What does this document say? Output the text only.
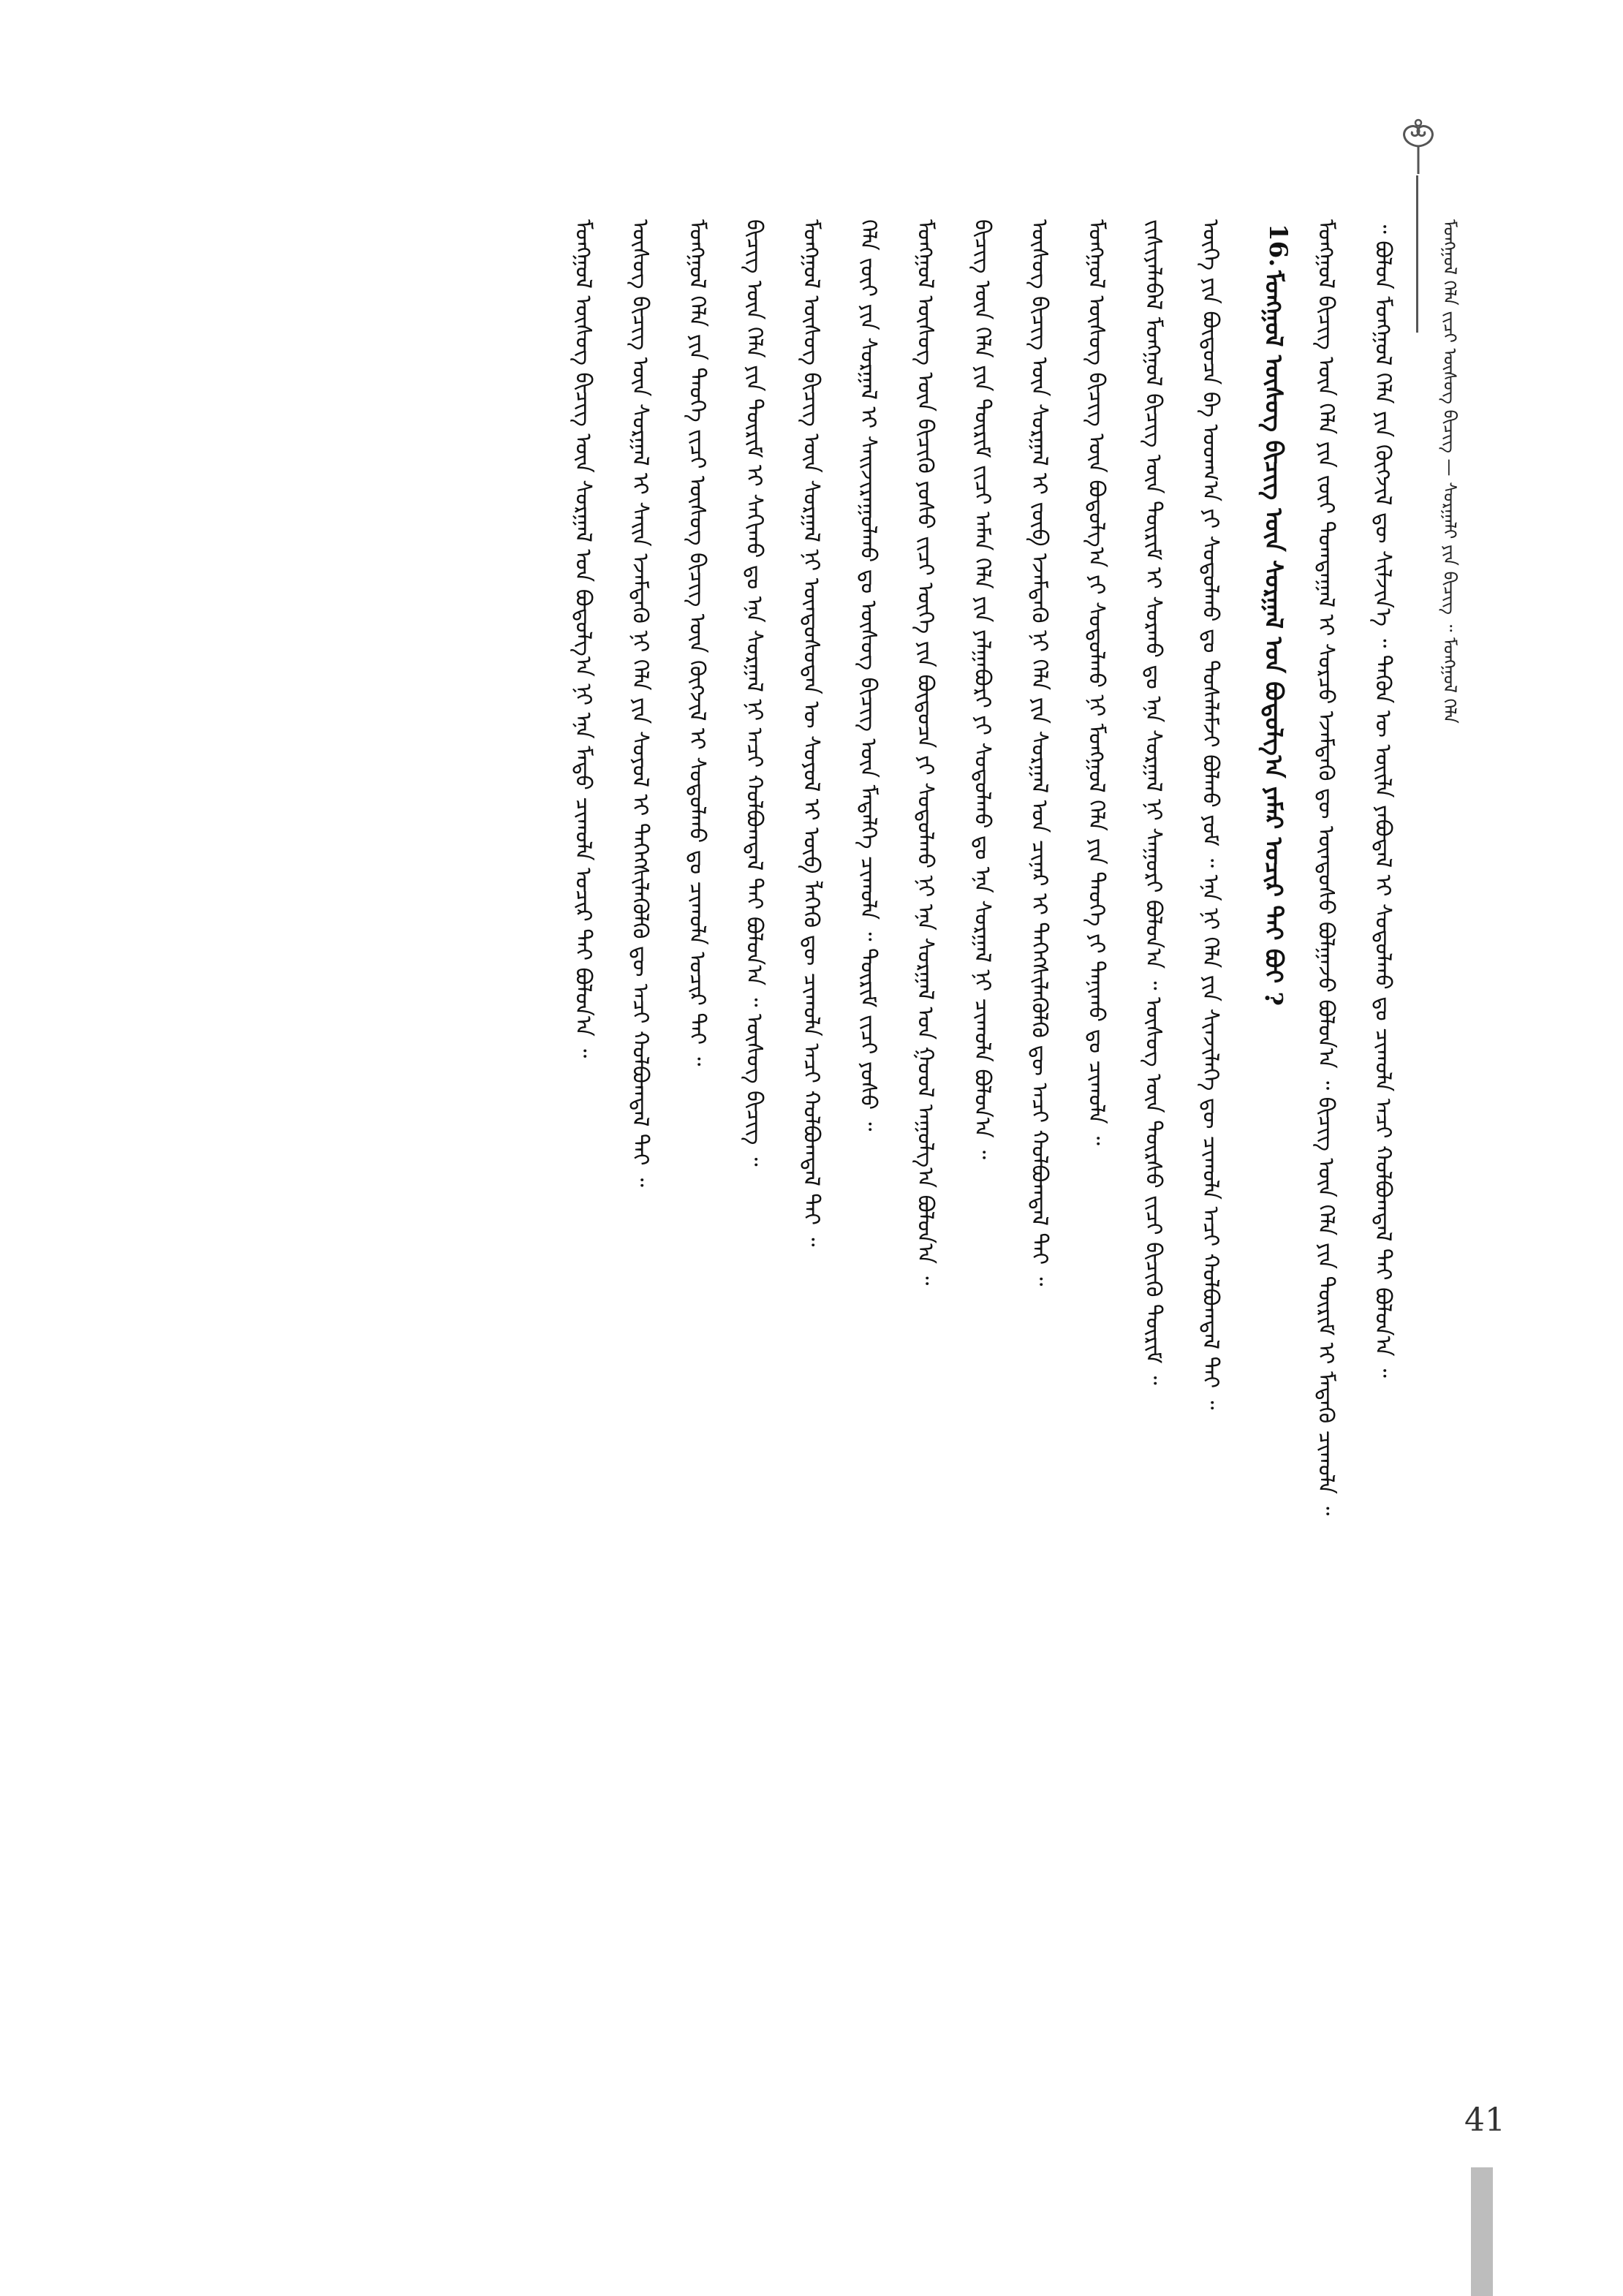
ᠮᠣᠩᠭᠣᠯ ᠬᠡᠯᠡ ᠵᠢᠴᠢ ᠦᠰᠦᠭ ᠪᠢᠴᠢᠭ — ᠰᠤᠷᠭᠠᠯᠢ ᠶᠢᠨ ᠪᠢᠴᠢᠭ᠌ ᠃ ᠮᠣᠩᠭᠣᠯ ᠬᠡᠯᠡ
16.
ᠮᠣᠩᠭᠣᠯ ᠦᠰᠦᠭ ᠪᠢᠴᠢᠭ ᠦᠨ ᠰᠤᠷᠭᠠᠯ ᠤᠨ ᠪᠣᠳᠣᠯᠭ᠎ᠠ ᠶᠠᠮᠠᠷ ᠤᠴᠢᠷ ᠲᠠᠢ ᠪᠤᠢ ?	᠃ ᠪᠣᠯᠤᠨ ᠮᠣᠩᠭᠣᠯ ᠬᠡᠯᠡ ᠶᠢᠨ ᠬᠥᠭᠵᠢᠯ ᠳᠦ ᠰᠢᠯᠵᠢᠨ᠎ᠡ ᠃ ᠲᠡᠭᠦᠨ ᠦ ᠦᠢᠯᠡ ᠶᠠᠪᠤᠳᠠᠯ ᠢ ᠰᠤᠳᠤᠯᠬᠤ ᠳᠤ ᠴᠢᠬᠤᠯᠠ ᠠᠴᠢ ᠬᠣᠯᠪᠣᠭᠳᠠᠯ ᠲᠠᠢ ᠪᠣᠯᠤᠨ᠎ᠠ ᠃
ᠮᠣᠩᠭᠣᠯ ᠪᠢᠴᠢᠭ ᠦᠨ ᠬᠡᠯᠡ ᠶᠢᠨ ᠵᠦᠢ ᠲᠣᠭᠲᠠᠭᠠᠯ ᠢ ᠰᠤᠷᠴᠤ ᠡᠵᠡᠮᠳᠡᠬᠦ ᠳᠦ ᠦᠨᠳᠦᠰᠦ ᠪᠣᠯᠭᠠᠵᠤ ᠪᠣᠯᠤᠨ᠎ᠠ ᠃ ᠪᠢᠴᠢᠭ ᠦᠨ ᠬᠡᠯᠡ ᠶᠢᠨ ᠳᠦᠷᠢᠮ ᠢ ᠮᠡᠳᠡᠬᠦ ᠴᠢᠬᠤᠯᠠ ᠃
ᠦᠭᠡ ᠶᠢᠨ ᠪᠦᠲᠦᠴᠡ ᠪᠠ ᠤᠳᠬ᠎ᠠ ᠶᠢ ᠰᠤᠳᠤᠯᠬᠤ ᠳᠤ ᠲᠤᠰᠠᠯᠠᠮᠵᠢ ᠪᠣᠯᠬᠤ ᠶᠤᠮ ᠃ ᠡᠨᠡ ᠨᠢ ᠬᠡᠯᠡ ᠶᠢᠨ ᠰᠢᠨᠵᠢᠯᠡᠭᠡ ᠳᠦ ᠴᠢᠬᠤᠯᠠ ᠠᠴᠢ ᠬᠣᠯᠪᠣᠭᠳᠠᠯ ᠲᠠᠢ ᠃
ᠵᠢᠱᠢᠶᠡᠯᠡᠪᠡᠯ ᠮᠣᠩᠭᠣᠯ ᠪᠢᠴᠢᠭ ᠦᠨ ᠳᠦᠷᠢᠮ ᠢ ᠰᠤᠷᠬᠤ ᠳᠤ ᠡᠨᠡ ᠰᠤᠷᠭᠠᠯ ᠨᠢ ᠰᠠᠭᠤᠷᠢ ᠪᠣᠯᠤᠨ᠎ᠠ ᠃ ᠦᠰᠦᠭ ᠦᠨ ᠳᠦᠷᠰᠦ ᠵᠢᠴᠢ ᠪᠢᠴᠢᠬᠦ ᠳᠦᠷᠢᠮ ᠃
ᠮᠣᠩᠭᠣᠯ ᠦᠰᠦᠭ ᠪᠢᠴᠢᠭ ᠦᠨ ᠪᠣᠳᠣᠯᠭ᠎ᠠ ᠶᠢ ᠰᠤᠳᠤᠯᠬᠤ ᠨᠢ ᠮᠣᠩᠭᠣᠯ ᠬᠡᠯᠡ ᠶᠢᠨ ᠲᠡᠦᠬᠡ ᠶᠢ ᠲᠠᠨᠢᠬᠤ ᠳᠤ ᠴᠢᠬᠤᠯᠠ ᠃
ᠦᠰᠦᠭ ᠪᠢᠴᠢᠭ ᠦᠨ ᠰᠤᠷᠭᠠᠯ ᠢ ᠵᠥᠪ ᠡᠵᠡᠮᠳᠡᠬᠦ ᠨᠢ ᠬᠡᠯᠡ ᠶᠢᠨ ᠰᠤᠷᠭᠠᠯ ᠤᠨ ᠴᠢᠨᠠᠷ ᠢ ᠳᠡᠭᠡᠭᠰᠢᠯᠡᠭᠦᠯᠬᠦ ᠳᠦ ᠠᠴᠢ ᠬᠣᠯᠪᠣᠭᠳᠠᠯ ᠲᠠᠢ ᠃
ᠪᠢᠴᠢᠭ ᠦᠨ ᠬᠡᠯᠡ ᠶᠢᠨ ᠳᠦᠷᠢᠮ ᠵᠢᠴᠢ ᠠᠮᠠᠨ ᠬᠡᠯᠡ ᠶᠢᠨ ᠶᠠᠯᠭᠠᠪᠤᠷᠢ ᠶᠢ ᠰᠤᠳᠤᠯᠬᠤ ᠳᠤ ᠡᠨᠡ ᠰᠤᠷᠭᠠᠯ ᠨᠢ ᠴᠢᠬᠤᠯᠠ ᠪᠣᠯᠤᠨ᠎ᠠ ᠃
ᠮᠣᠩᠭᠣᠯ ᠦᠰᠦᠭ ᠦᠨ ᠪᠢᠴᠢᠬᠦ ᠶᠣᠰᠣ ᠵᠢᠴᠢ ᠦᠭᠡ ᠶᠢᠨ ᠪᠦᠲᠦᠴᠡ ᠶᠢ ᠰᠤᠳᠤᠯᠬᠤ ᠨᠢ ᠡᠨᠡ ᠰᠤᠷᠭᠠᠯ ᠤᠨ ᠭᠣᠣᠯ ᠠᠭᠤᠯᠭ᠎ᠠ ᠪᠣᠯᠤᠨ᠎ᠠ ᠃
ᠬᠡᠯᠡ ᠵᠦᠢ ᠶᠢᠨ ᠰᠤᠷᠭᠠᠯ ᠢ ᠰᠠᠢᠵᠢᠷᠠᠭᠤᠯᠬᠤ ᠳᠤ ᠦᠰᠦᠭ ᠪᠢᠴᠢᠭ ᠦᠨ ᠮᠡᠳᠡᠯᠭᠡ ᠴᠢᠬᠤᠯᠠ ᠃ ᠳᠦᠷᠢᠮ ᠵᠢᠴᠢ ᠶᠣᠰᠣ ᠃
ᠮᠣᠩᠭᠣᠯ ᠦᠰᠦᠭ ᠪᠢᠴᠢᠭ ᠦᠨ ᠰᠤᠷᠭᠠᠯ ᠨᠢ ᠦᠨᠳᠦᠰᠦᠲᠡᠨ ᠦ ᠰᠣᠶᠣᠯ ᠢ ᠥᠪ ᠯᠡᠭᠡᠬᠦ ᠳᠦ ᠴᠢᠬᠤᠯᠠ ᠠᠴᠢ ᠬᠣᠯᠪᠣᠭᠳᠠᠯ ᠲᠠᠢ ᠃
ᠪᠢᠴᠢᠭ ᠦᠨ ᠬᠡᠯᠡ ᠶᠢᠨ ᠳᠦᠷᠢᠮ ᠢ ᠰᠠᠬᠢᠬᠤ ᠳᠤ ᠡᠨᠡ ᠰᠤᠷᠭᠠᠯ ᠨᠢ ᠠᠴᠢ ᠬᠣᠯᠪᠣᠭᠳᠠᠯ ᠲᠠᠢ ᠪᠣᠯᠤᠨ᠎ᠠ ᠃ ᠦᠰᠦᠭ ᠪᠢᠴᠢᠭ ᠃
ᠮᠣᠩᠭᠣᠯ ᠬᠡᠯᠡ ᠶᠢᠨ ᠲᠡᠦᠬᠡ ᠵᠢᠴᠢ ᠦᠰᠦᠭ ᠪᠢᠴᠢᠭ ᠦᠨ ᠬᠥᠭᠵᠢᠯ ᠢ ᠰᠤᠳᠤᠯᠬᠤ ᠳᠤ ᠴᠢᠬᠤᠯᠠ ᠤᠴᠢᠷ ᠲᠠᠢ ᠃
ᠦᠰᠦᠭ ᠪᠢᠴᠢᠭ ᠦᠨ ᠰᠤᠷᠭᠠᠯ ᠢ ᠰᠠᠢᠨ ᠡᠵᠡᠮᠳᠡᠬᠦ ᠨᠢ ᠬᠡᠯᠡ ᠶᠢᠨ ᠰᠣᠶᠣᠯ ᠢ ᠳᠡᠭᠡᠭᠰᠢᠯᠡᠭᠦᠯᠬᠦ ᠳᠦ ᠠᠴᠢ ᠬᠣᠯᠪᠣᠭᠳᠠᠯ ᠲᠠᠢ ᠃
ᠮᠣᠩᠭᠣᠯ ᠦᠰᠦᠭ ᠪᠢᠴᠢᠭ ᠦᠨ ᠰᠤᠷᠭᠠᠯ ᠤᠨ ᠪᠣᠳᠣᠯᠭ᠎ᠠ ᠨᠢ ᠡᠨᠡ ᠮᠡᠲᠦ ᠴᠢᠬᠤᠯᠠ ᠤᠴᠢᠷ ᠲᠠᠢ ᠪᠣᠯᠤᠨ᠎ᠠ ᠃
41
